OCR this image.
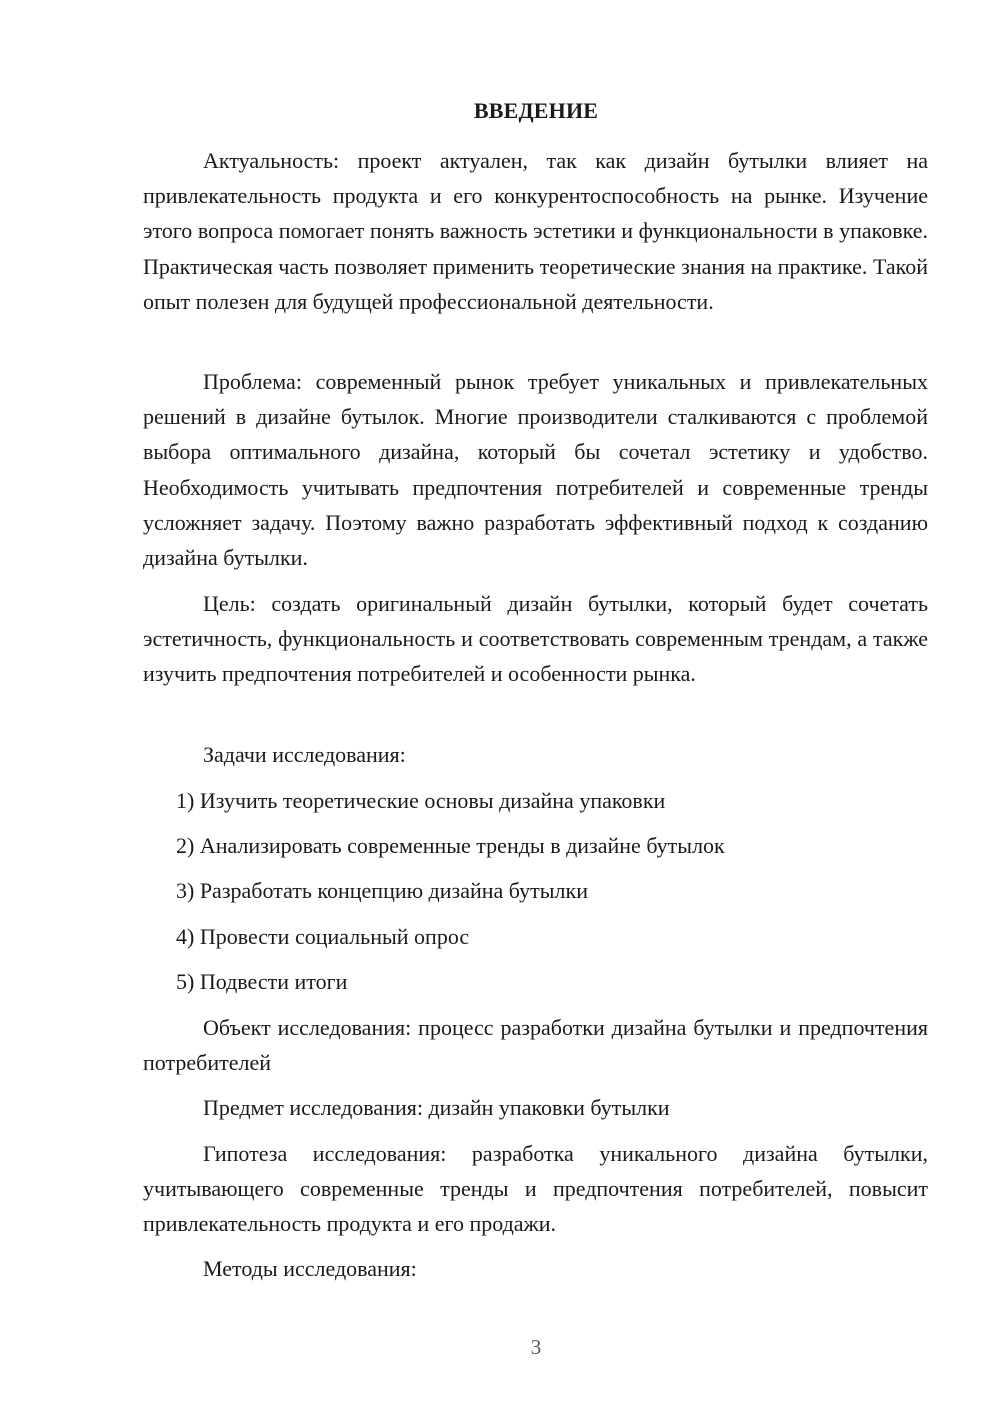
ВВЕДЕНИЕ

Актуальность: проект актуален, так как дизайн бутылки влияет на привлекательность продукта и его конкурентоспособность на рынке. Изучение этого вопроса помогает понять важность эстетики и функциональности в упаковке. Практическая часть позволяет применить теоретические знания на практике. Такой опыт полезен для будущей профессиональной деятельности.

Проблема: современный рынок требует уникальных и привлекательных решений в дизайне бутылок. Многие производители сталкиваются с проблемой выбора оптимального дизайна, который бы сочетал эстетику и удобство. Необходимость учитывать предпочтения потребителей и современные тренды усложняет задачу. Поэтому важно разработать эффективный подход к созданию дизайна бутылки.

Цель: создать оригинальный дизайн бутылки, который будет сочетать эстетичность, функциональность и соответствовать современным трендам, а также изучить предпочтения потребителей и особенности рынка.

Задачи исследования:

1) Изучить теоретические основы дизайна упаковки

2) Анализировать современные тренды в дизайне бутылок

3) Разработать концепцию дизайна бутылки

4) Провести социальный опрос

5) Подвести итоги

Объект исследования: процесс разработки дизайна бутылки и предпочтения потребителей

Предмет исследования: дизайн упаковки бутылки

Гипотеза исследования: разработка уникального дизайна бутылки, учитывающего современные тренды и предпочтения потребителей, повысит привлекательность продукта и его продажи.

Методы исследования:

3
